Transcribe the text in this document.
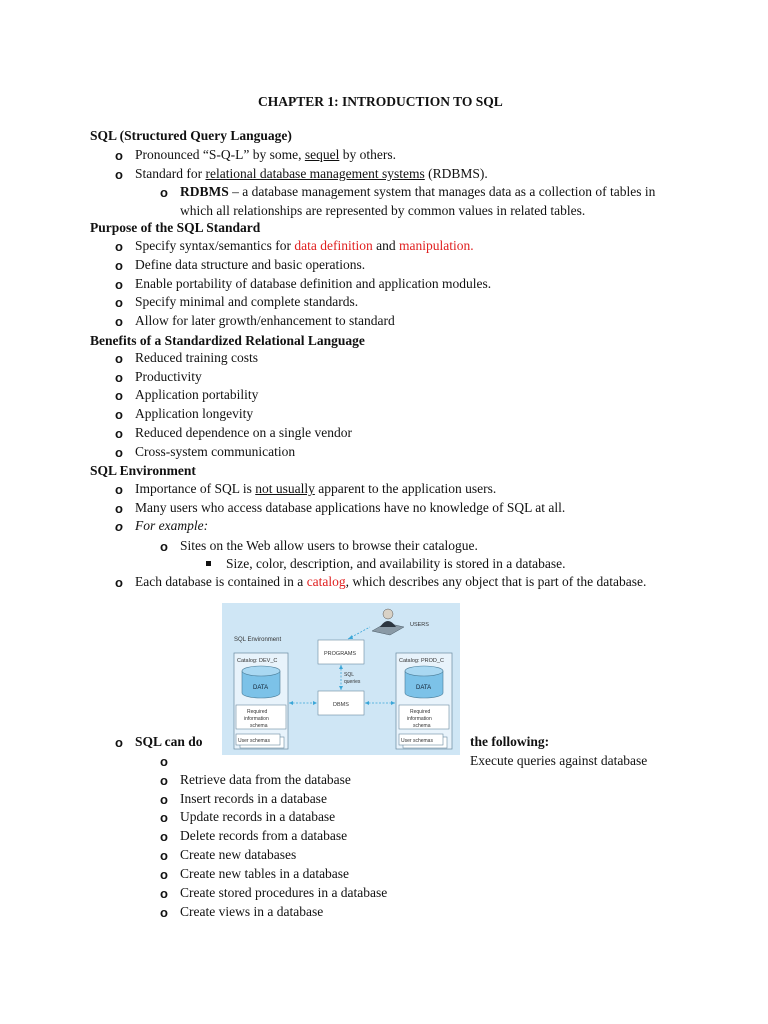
CHAPTER 1: INTRODUCTION TO SQL
SQL (Structured Query Language)
o Pronounced “S-Q-L” by some, sequel by others.
o Standard for relational database management systems (RDBMS).
o RDBMS – a database management system that manages data as a collection of tables in
which all relationships are represented by common values in related tables.
Purpose of the SQL Standard
o Specify syntax/semantics for data definition and manipulation.
o Define data structure and basic operations.
o Enable portability of database definition and application modules.
o Specify minimal and complete standards.
o Allow for later growth/enhancement to standard
Benefits of a Standardized Relational Language
o Reduced training costs
o Productivity
o Application portability
o Application longevity
o Reduced dependence on a single vendor
o Cross-system communication
SQL Environment
o Importance of SQL is not usually apparent to the application users.
o Many users who access database applications have no knowledge of SQL at all.
o For example:
o Sites on the Web allow users to browse their catalogue.
Size, color, description, and availability is stored in a database.
o Each database is contained in a catalog, which describes any object that is part of the database.
SQL Environment
Catalog: DEV_C
DATA
Required
information
schema
User schemas
Catalog: PROD_C
DATA
Required
information
schema
User schemas
PROGRAMS
DBMS
SQL
queries
USERS
o SQL can do	the following:
o	Execute queries against database
o Retrieve data from the database
o Insert records in a database
o Update records in a database
o Delete records from a database
o Create new databases
o Create new tables in a database
o Create stored procedures in a database
o Create views in a database
